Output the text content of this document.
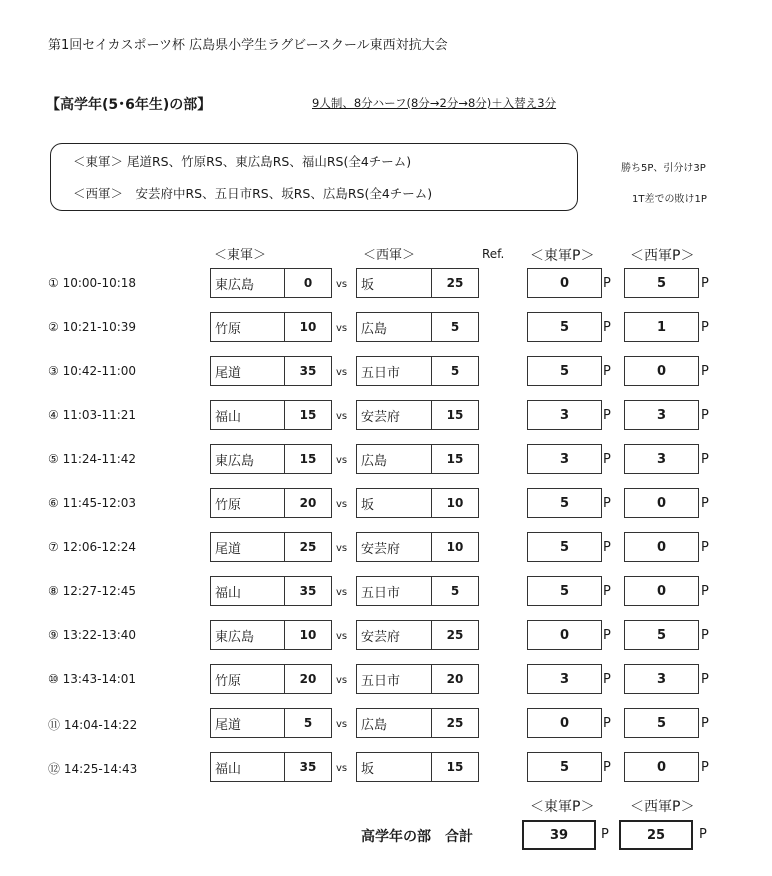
第1回セイカスポーツ杯 広島県小学生ラグビースクール東西対抗大会
【高学年(5･6年生)の部】	9人制、8分ハーフ(8分→2分→8分)＋入替え3分
＜東軍＞ 尾道RS、竹原RS、東広島RS、福山RS(全4チーム)
＜西軍＞　安芸府中RS、五日市RS、坂RS、広島RS(全4チーム)
勝ち5P、引分け3P
1T差での敗け1P
＜東軍＞	＜西軍＞	Ref. ＜東軍P＞	＜西軍P＞
① 10:00-10:18	東広島	0	vs	坂	25	0	P	5	P
② 10:21-10:39	竹原	10	vs	広島	5	5	P	1	P
③ 10:42-11:00	尾道	35	vs	五日市	5	5	P	0	P
④ 11:03-11:21	福山	15	vs	安芸府	15	3	P	3	P
⑤ 11:24-11:42	東広島	15	vs	広島	15	3	P	3	P
⑥ 11:45-12:03	竹原	20	vs	坂	10	5	P	0	P
⑦ 12:06-12:24	尾道	25	vs	安芸府	10	5	P	0	P
⑧ 12:27-12:45	福山	35	vs	五日市	5	5	P	0	P
⑨ 13:22-13:40	東広島	10	vs	安芸府	25	0	P	5	P
⑩ 13:43-14:01	竹原	20	vs	五日市	20	3	P	3	P
⑪ 14:04-14:22	尾道	5	vs	広島	25	0	P	5	P
⑫ 14:25-14:43	福山	35	vs	坂	15	5	P	0	P
＜東軍P＞	＜西軍P＞
高学年の部　合計	39	P	25	P
